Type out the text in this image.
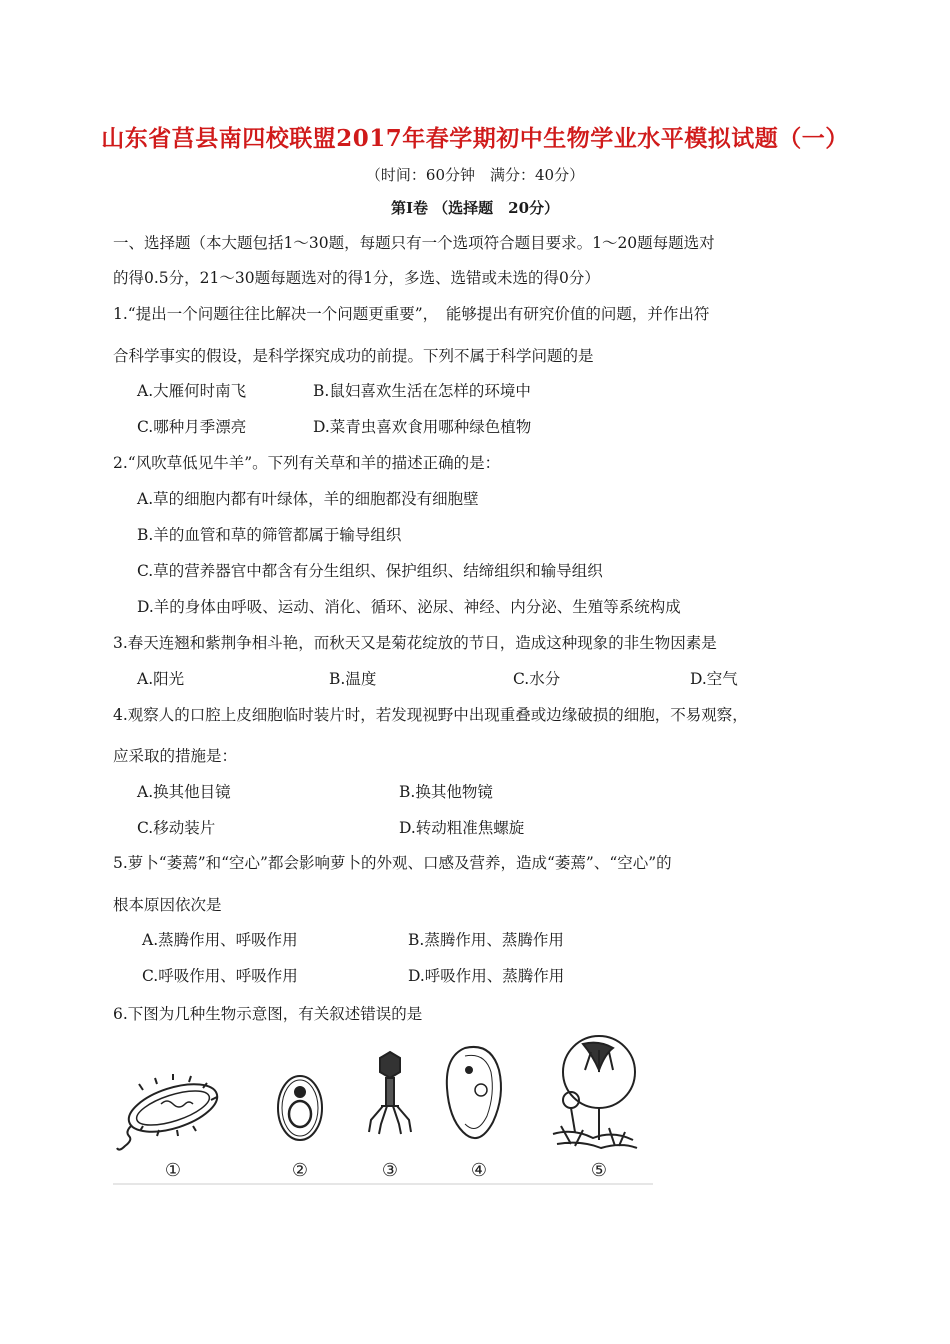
山东省莒县南四校联盟2017年春学期初中生物学业水平模拟试题（一）
（时间：60分钟　满分：40分）
第Ⅰ卷 （选择题　20分）
一、选择题（本大题包括1～30题，每题只有一个选项符合题目要求。1～20题每题选对
的得0.5分，21～30题每题选对的得1分，多选、选错或未选的得0分）
1.“提出一个问题往往比解决一个问题更重要”，　能够提出有研究价值的问题，并作出符
合科学事实的假设，是科学探究成功的前提。下列不属于科学问题的是
A.大雁何时南飞	B.鼠妇喜欢生活在怎样的环境中
C.哪种月季漂亮	D.菜青虫喜欢食用哪种绿色植物
2.“风吹草低见牛羊”。下列有关草和羊的描述正确的是：
A.草的细胞内都有叶绿体，羊的细胞都没有细胞壁
B.羊的血管和草的筛管都属于输导组织
C.草的营养器官中都含有分生组织、保护组织、结缔组织和输导组织
D.羊的身体由呼吸、运动、消化、循环、泌尿、神经、内分泌、生殖等系统构成
3.春天连翘和紫荆争相斗艳，而秋天又是菊花绽放的节日，造成这种现象的非生物因素是
A.阳光	B.温度	C.水分	D.空气
4.观察人的口腔上皮细胞临时装片时，若发现视野中出现重叠或边缘破损的细胞，不易观察，
应采取的措施是：
A.换其他目镜	B.换其他物镜
C.移动装片	D.转动粗准焦螺旋
5.萝卜“萎蔫”和“空心”都会影响萝卜的外观、口感及营养，造成“萎蔫”、“空心”的
根本原因依次是
A.蒸腾作用、呼吸作用	B.蒸腾作用、蒸腾作用
C.呼吸作用、呼吸作用	D.呼吸作用、蒸腾作用
6.下图为几种生物示意图，有关叙述错误的是
①	②	③	④	⑤
